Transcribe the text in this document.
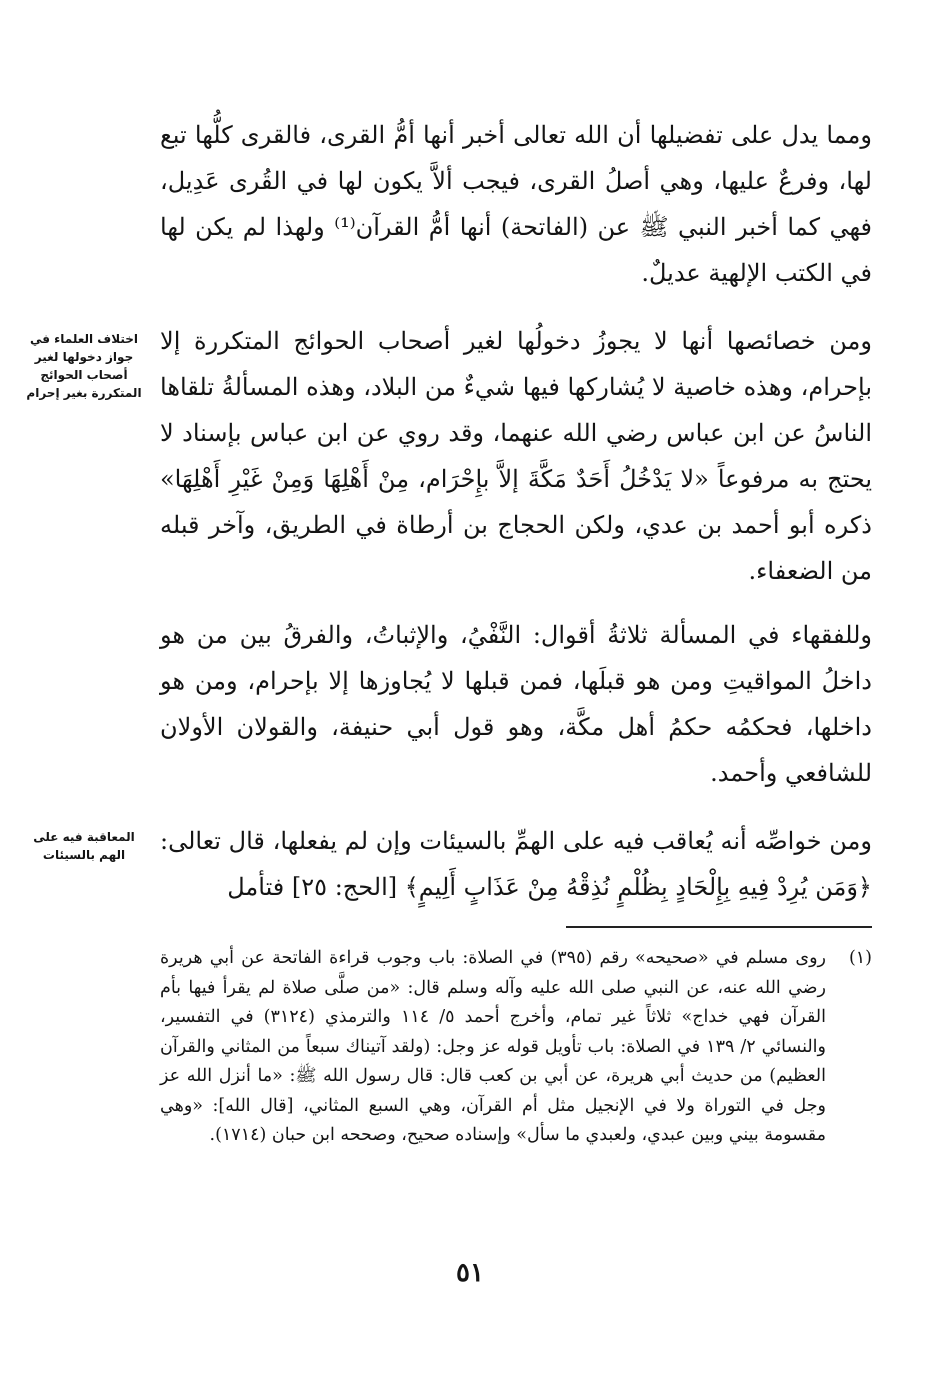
ومما يدل على تفضيلها أن الله تعالى أخبر أنها أمُّ القرى، فالقرى كلُّها تبع لها، وفرعٌ عليها، وهي أصلُ القرى، فيجب ألاَّ يكون لها في القُرى عَدِيل، فهي كما أخبر النبي ﷺ عن (الفاتحة) أنها أمُّ القرآن⁽¹⁾ ولهذا لم يكن لها في الكتب الإلهية عديلٌ.

اختلاف العلماء في جواز دخولها لغير أصحاب الحوائج المتكررة بغير إحرام

ومن خصائصها أنها لا يجوزُ دخولُها لغير أصحاب الحوائج المتكررة إلا بإحرام، وهذه خاصية لا يُشاركها فيها شيءٌ من البلاد، وهذه المسألةُ تلقاها الناسُ عن ابن عباس رضي الله عنهما، وقد روي عن ابن عباس بإسناد لا يحتج به مرفوعاً «لا يَدْخُلُ أَحَدٌ مَكَّةَ إلاَّ بإِحْرَام، مِنْ أَهْلِهَا وَمِنْ غَيْرِ أَهْلِهَا» ذكره أبو أحمد بن عدي، ولكن الحجاج بن أرطاة في الطريق، وآخر قبله من الضعفاء.

وللفقهاء في المسألة ثلاثةُ أقوال: النَّفْيُ، والإثباتُ، والفرقُ بين من هو داخلُ المواقيتِ ومن هو قبلَها، فمن قبلها لا يُجاوزها إلا بإحرام، ومن هو داخلها، فحكمُه حكمُ أهل مكَّة، وهو قول أبي حنيفة، والقولان الأولان للشافعي وأحمد.

المعاقبة فيه على الهم بالسيئات	ومن خواصِّه أنه يُعاقب فيه على الهمِّ بالسيئات وإن لم يفعلها، قال تعالى: ﴿وَمَن يُرِدْ فِيهِ بِإِلْحَادٍ بِظُلْمٍ نُذِقْهُ مِنْ عَذَابٍ أَلِيمٍ﴾ [الحج: ٢٥] فتأمل

(١)

روى مسلم في «صحيحه» رقم (٣٩٥) في الصلاة: باب وجوب قراءة الفاتحة عن أبي هريرة رضي الله عنه، عن النبي صلى الله عليه وآله وسلم قال: «من صلَّى صلاة لم يقرأ فيها بأم القرآن فهي خداج» ثلاثاً غير تمام، وأخرج أحمد ٥/ ١١٤ والترمذي (٣١٢٤) في التفسير، والنسائي ٢/ ١٣٩ في الصلاة: باب تأويل قوله عز وجل: (ولقد آتيناك سبعاً من المثاني والقرآن العظيم) من حديث أبي هريرة، عن أبي بن كعب قال: قال رسول الله ﷺ: «ما أنزل الله عز وجل في التوراة ولا في الإنجيل مثل أم القرآن، وهي السبع المثاني، [قال الله]: «وهي مقسومة بيني وبين عبدي، ولعبدي ما سأل» وإسناده صحيح، وصححه ابن حبان (١٧١٤).

٥١
